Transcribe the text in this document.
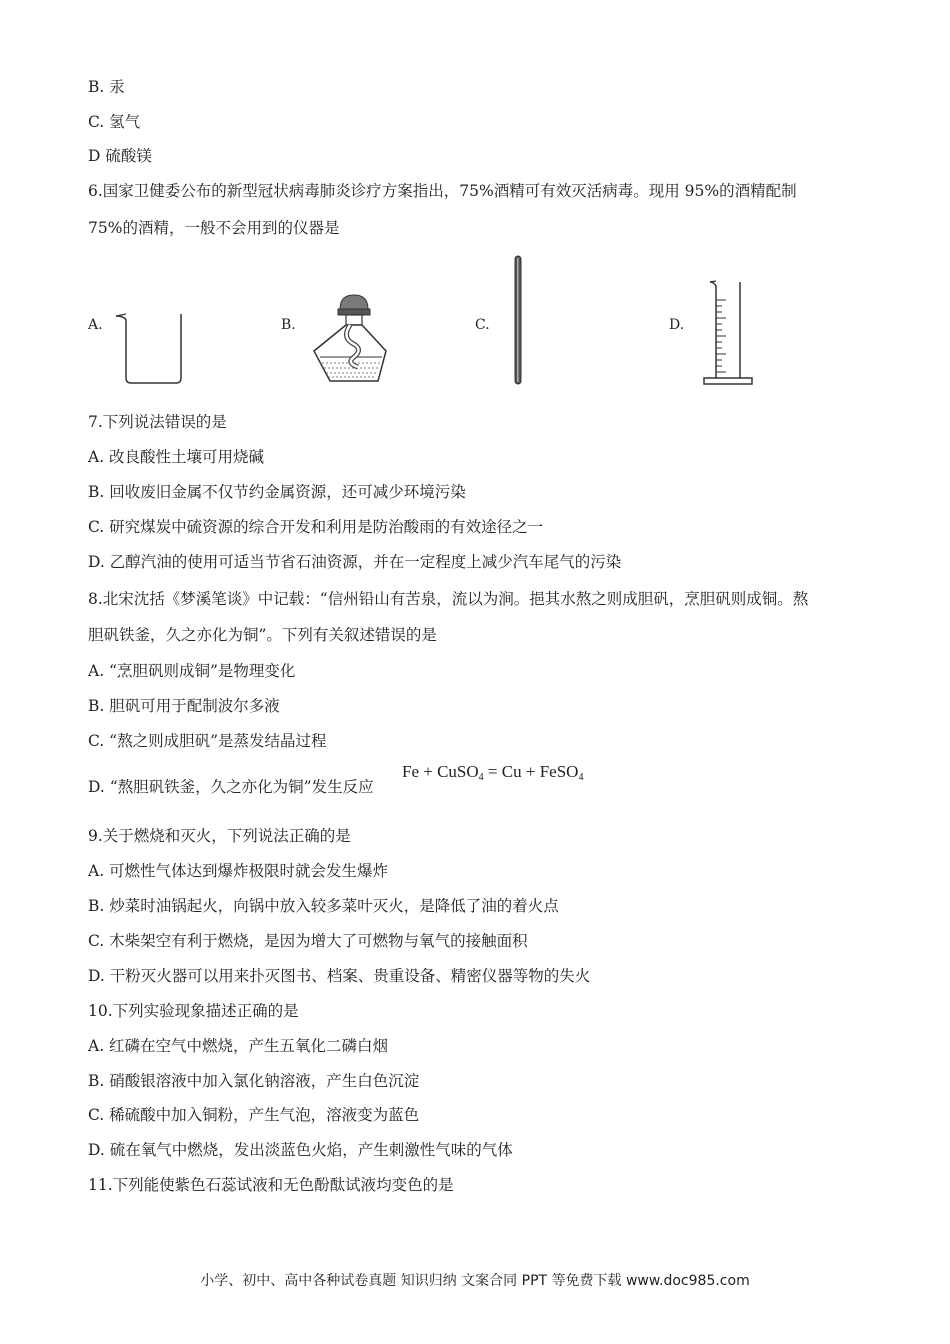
B. 汞
C. 氢气
D 硫酸镁
6.国家卫健委公布的新型冠状病毒肺炎诊疗方案指出，75%酒精可有效灭活病毒。现用 95%的酒精配制
75%的酒精，一般不会用到的仪器是
A.	B.	C.	D.
7.下列说法错误的是
A. 改良酸性土壤可用烧碱
B. 回收废旧金属不仅节约金属资源，还可减少环境污染
C. 研究煤炭中硫资源的综合开发和利用是防治酸雨的有效途径之一
D. 乙醇汽油的使用可适当节省石油资源，并在一定程度上减少汽车尾气的污染
8.北宋沈括《梦溪笔谈》中记载：“信州铅山有苦泉，流以为涧。挹其水熬之则成胆矾，烹胆矾则成铜。熬
胆矾铁釜，久之亦化为铜”。下列有关叙述错误的是
A. “烹胆矾则成铜”是物理变化
B. 胆矾可用于配制波尔多液
C. “熬之则成胆矾”是蒸发结晶过程
D. “熬胆矾铁釜，久之亦化为铜”发生反应
Fe + CuSO$_4$ = Cu + FeSO$_4$
9.关于燃烧和灭火，下列说法正确的是
A. 可燃性气体达到爆炸极限时就会发生爆炸
B. 炒菜时油锅起火，向锅中放入较多菜叶灭火，是降低了油的着火点
C. 木柴架空有利于燃烧，是因为增大了可燃物与氧气的接触面积
D. 干粉灭火器可以用来扑灭图书、档案、贵重设备、精密仪器等物的失火
10.下列实验现象描述正确的是
A. 红磷在空气中燃烧，产生五氧化二磷白烟
B. 硝酸银溶液中加入氯化钠溶液，产生白色沉淀
C. 稀硫酸中加入铜粉，产生气泡，溶液变为蓝色
D. 硫在氧气中燃烧，发出淡蓝色火焰，产生刺激性气味的气体
11.下列能使紫色石蕊试液和无色酚酞试液均变色的是
小学、初中、高中各种试卷真题 知识归纳 文案合同 PPT 等免费下载 www.doc985.com
